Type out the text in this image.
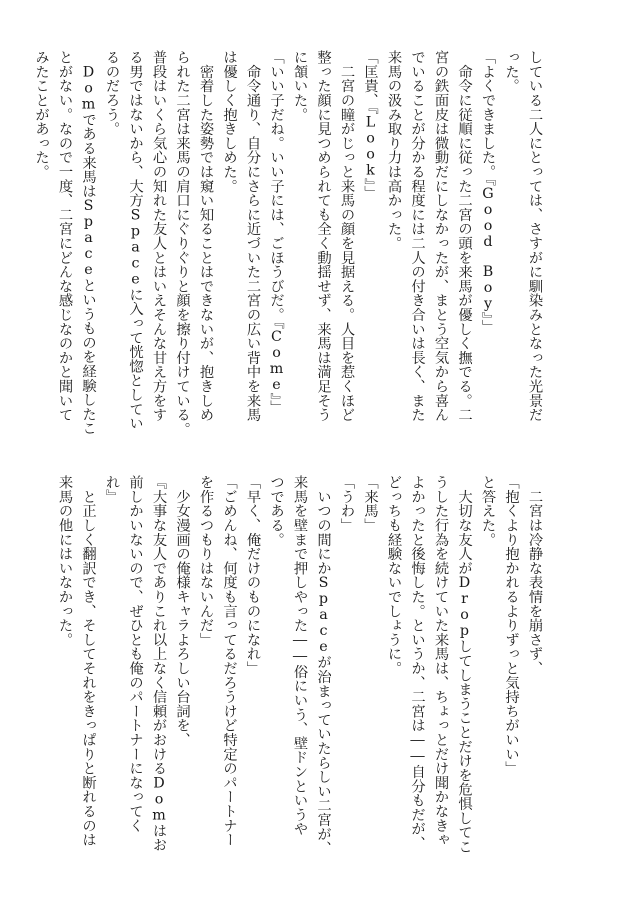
している二人にとっては、さすがに馴染みとなった光景だ
った。
「よくできました。『Good　Boy』」
　命令に従順に従った二宮の頭を来馬が優しく撫でる。二
宮の鉄面皮は微動だにしなかったが、まとう空気から喜ん
でいることが分かる程度には二人の付き合いは長く、また
来馬の汲み取り力は高かった。
「匡貴、『Look』」
　二宮の瞳がじっと来馬の顔を見据える。人目を惹くほど
整った顔に見つめられても全く動揺せず、来馬は満足そう
に頷いた。
「いい子だね。いい子には、ごほうびだ。『Come』」
　命令通り、自分にさらに近づいた二宮の広い背中を来馬
は優しく抱きしめた。
　密着した姿勢では窺い知ることはできないが、抱きしめ
られた二宮は来馬の肩口にぐりぐりと顔を擦り付けている。
普段はいくら気心の知れた友人とはいえそんな甘え方をす
る男ではないから、大方Spaceに入って恍惚としてい
るのだろう。
　Domである来馬はSpaceというものを経験したこ
とがない。なので一度、二宮にどんな感じなのかと聞いて
みたことがあった。
　二宮は冷静な表情を崩さず、
「抱くより抱かれるよりずっと気持ちがいい」
と答えた。
　大切な友人がDropしてしまうことだけを危惧してこ
うした行為を続けていた来馬は、ちょっとだけ聞かなきゃ
よかったと後悔した。というか、二宮は――自分もだが、
どっちも経験ないでしょうに。
「来馬」
「うわ」
　いつの間にかSpaceが治まっていたらしい二宮が、
来馬を壁まで押しやった――俗にいう、壁ドンというや
つである。
「早く、俺だけのものになれ」
「ごめんね、何度も言ってるだろうけど特定のパートナー
を作るつもりはないんだ」
　少女漫画の俺様キャラよろしい台詞を、
『大事な友人でありこれ以上なく信頼がおけるDomはお
前しかいないので、ぜひとも俺のパートナーになってく
れ』
　と正しく翻訳でき、そしてそれをきっぱりと断れるのは
来馬の他にはいなかった。
